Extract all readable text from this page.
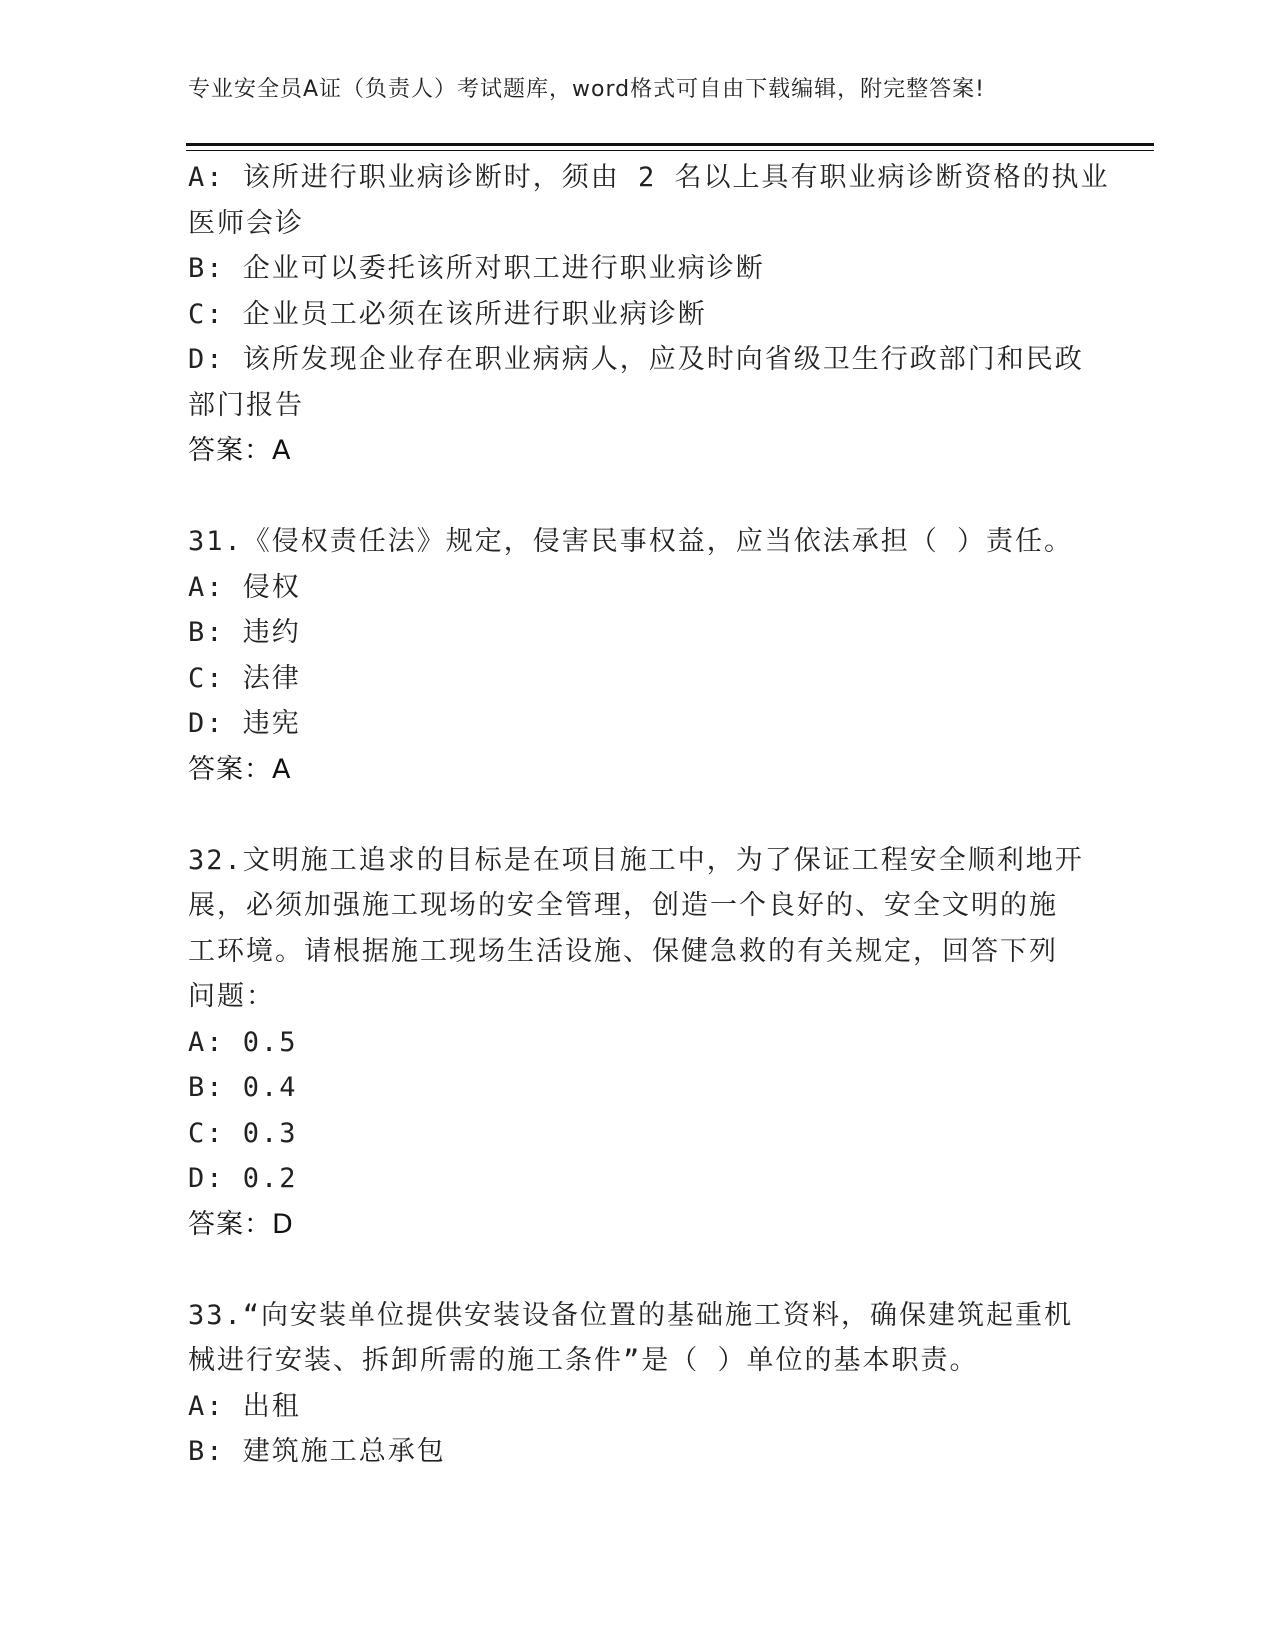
专业安全员A证（负责人）考试题库，word格式可自由下载编辑，附完整答案!
A: 该所进行职业病诊断时，须由 2 名以上具有职业病诊断资格的执业
医师会诊
B: 企业可以委托该所对职工进行职业病诊断
C: 企业员工必须在该所进行职业病诊断
D: 该所发现企业存在职业病病人，应及时向省级卫生行政部门和民政
部门报告
答案：A
31.《侵权责任法》规定，侵害民事权益，应当依法承担（ ）责任。
A: 侵权
B: 违约
C: 法律
D: 违宪
答案：A
32.文明施工追求的目标是在项目施工中，为了保证工程安全顺利地开
展，必须加强施工现场的安全管理，创造一个良好的、安全文明的施
工环境。请根据施工现场生活设施、保健急救的有关规定，回答下列
问题：
A: 0.5
B: 0.4
C: 0.3
D: 0.2
答案：D
33.“向安装单位提供安装设备位置的基础施工资料，确保建筑起重机
械进行安装、拆卸所需的施工条件”是（ ）单位的基本职责。
A: 出租
B: 建筑施工总承包
